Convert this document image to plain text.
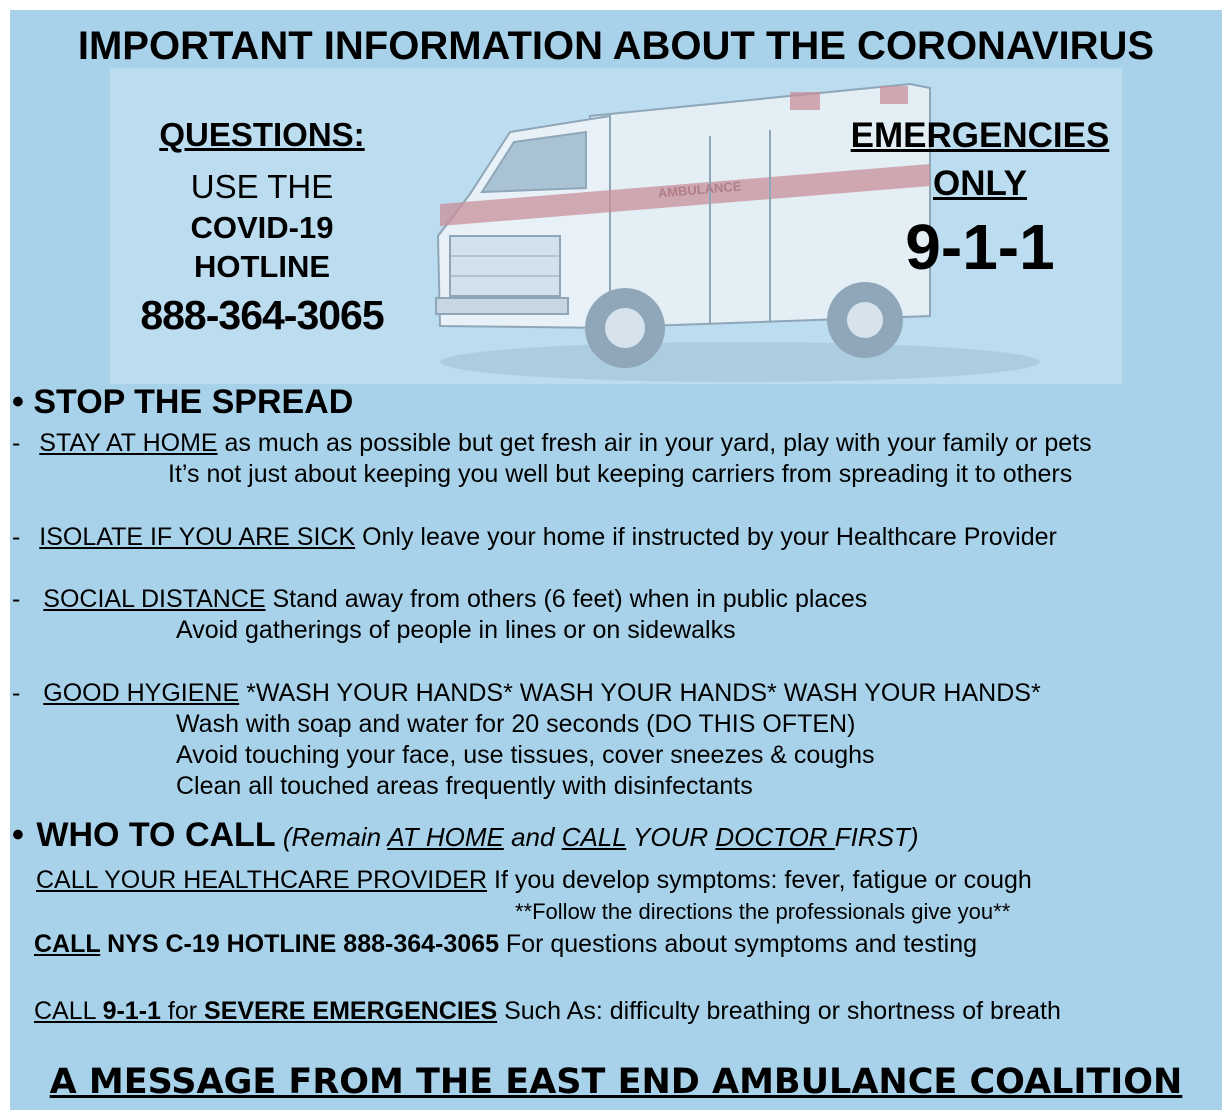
AMBULANCE
IMPORTANT INFORMATION ABOUT THE CORONAVIRUS
QUESTIONS:
USE THE
COVID-19
HOTLINE
888-364-3065
EMERGENCIES
ONLY
9-1-1
• STOP THE SPREAD
- STAY AT HOME as much as possible but get fresh air in your yard, play with your family or pets
It’s not just about keeping you well but keeping carriers from spreading it to others
- ISOLATE IF YOU ARE SICK Only leave your home if instructed by your Healthcare Provider
- SOCIAL DISTANCE Stand away from others (6 feet) when in public places
Avoid gatherings of people in lines or on sidewalks
- GOOD HYGIENE *WASH YOUR HANDS* WASH YOUR HANDS* WASH YOUR HANDS*
Wash with soap and water for 20 seconds (DO THIS OFTEN)
Avoid touching your face, use tissues, cover sneezes & coughs
Clean all touched areas frequently with disinfectants
• WHO TO CALL (Remain AT HOME and CALL YOUR DOCTOR FIRST)
CALL YOUR HEALTHCARE PROVIDER If you develop symptoms: fever, fatigue or cough
**Follow the directions the professionals give you**
CALL NYS C-19 HOTLINE 888-364-3065 For questions about symptoms and testing
CALL 9-1-1 for SEVERE EMERGENCIES Such As: difficulty breathing or shortness of breath
A MESSAGE FROM THE EAST END AMBULANCE COALITION
